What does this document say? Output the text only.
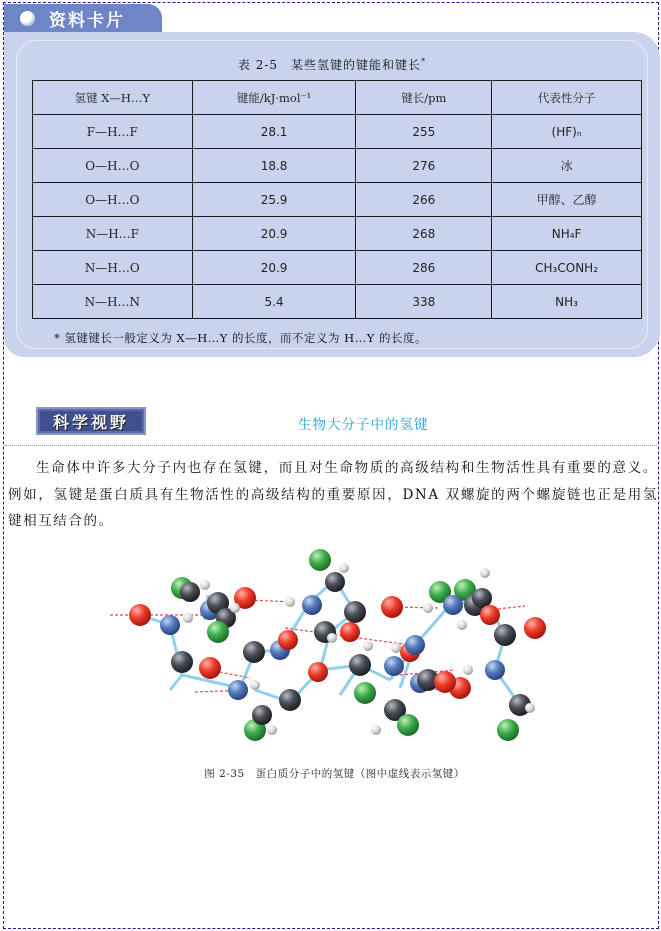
资料卡片
表 2-5　某些氢键的键能和键长*
氢键 X—H…Y	键能/kJ·mol⁻¹	键长/pm	代表性分子
F—H…F	28.1	255	(HF)ₙ
O—H…O	18.8	276	冰
O—H…O	25.9	266	甲醇、乙醇
N—H…F	20.9	268	NH₄F
N—H…O	20.9	286	CH₃CONH₂
N—H…N	5.4	338	NH₃
* 氢键键长一般定义为 X—H…Y 的长度，而不定义为 H…Y 的长度。
科学视野	生物大分子中的氢键
生命体中许多大分子内也存在氢键，而且对生命物质的高级结构和生物活性具有重要的意义。例如，氢键是蛋白质具有生物活性的高级结构的重要原因，DNA 双螺旋的两个螺旋链也正是用氢键相互结合的。
图 2-35　蛋白质分子中的氢键（图中虚线表示氢键）
